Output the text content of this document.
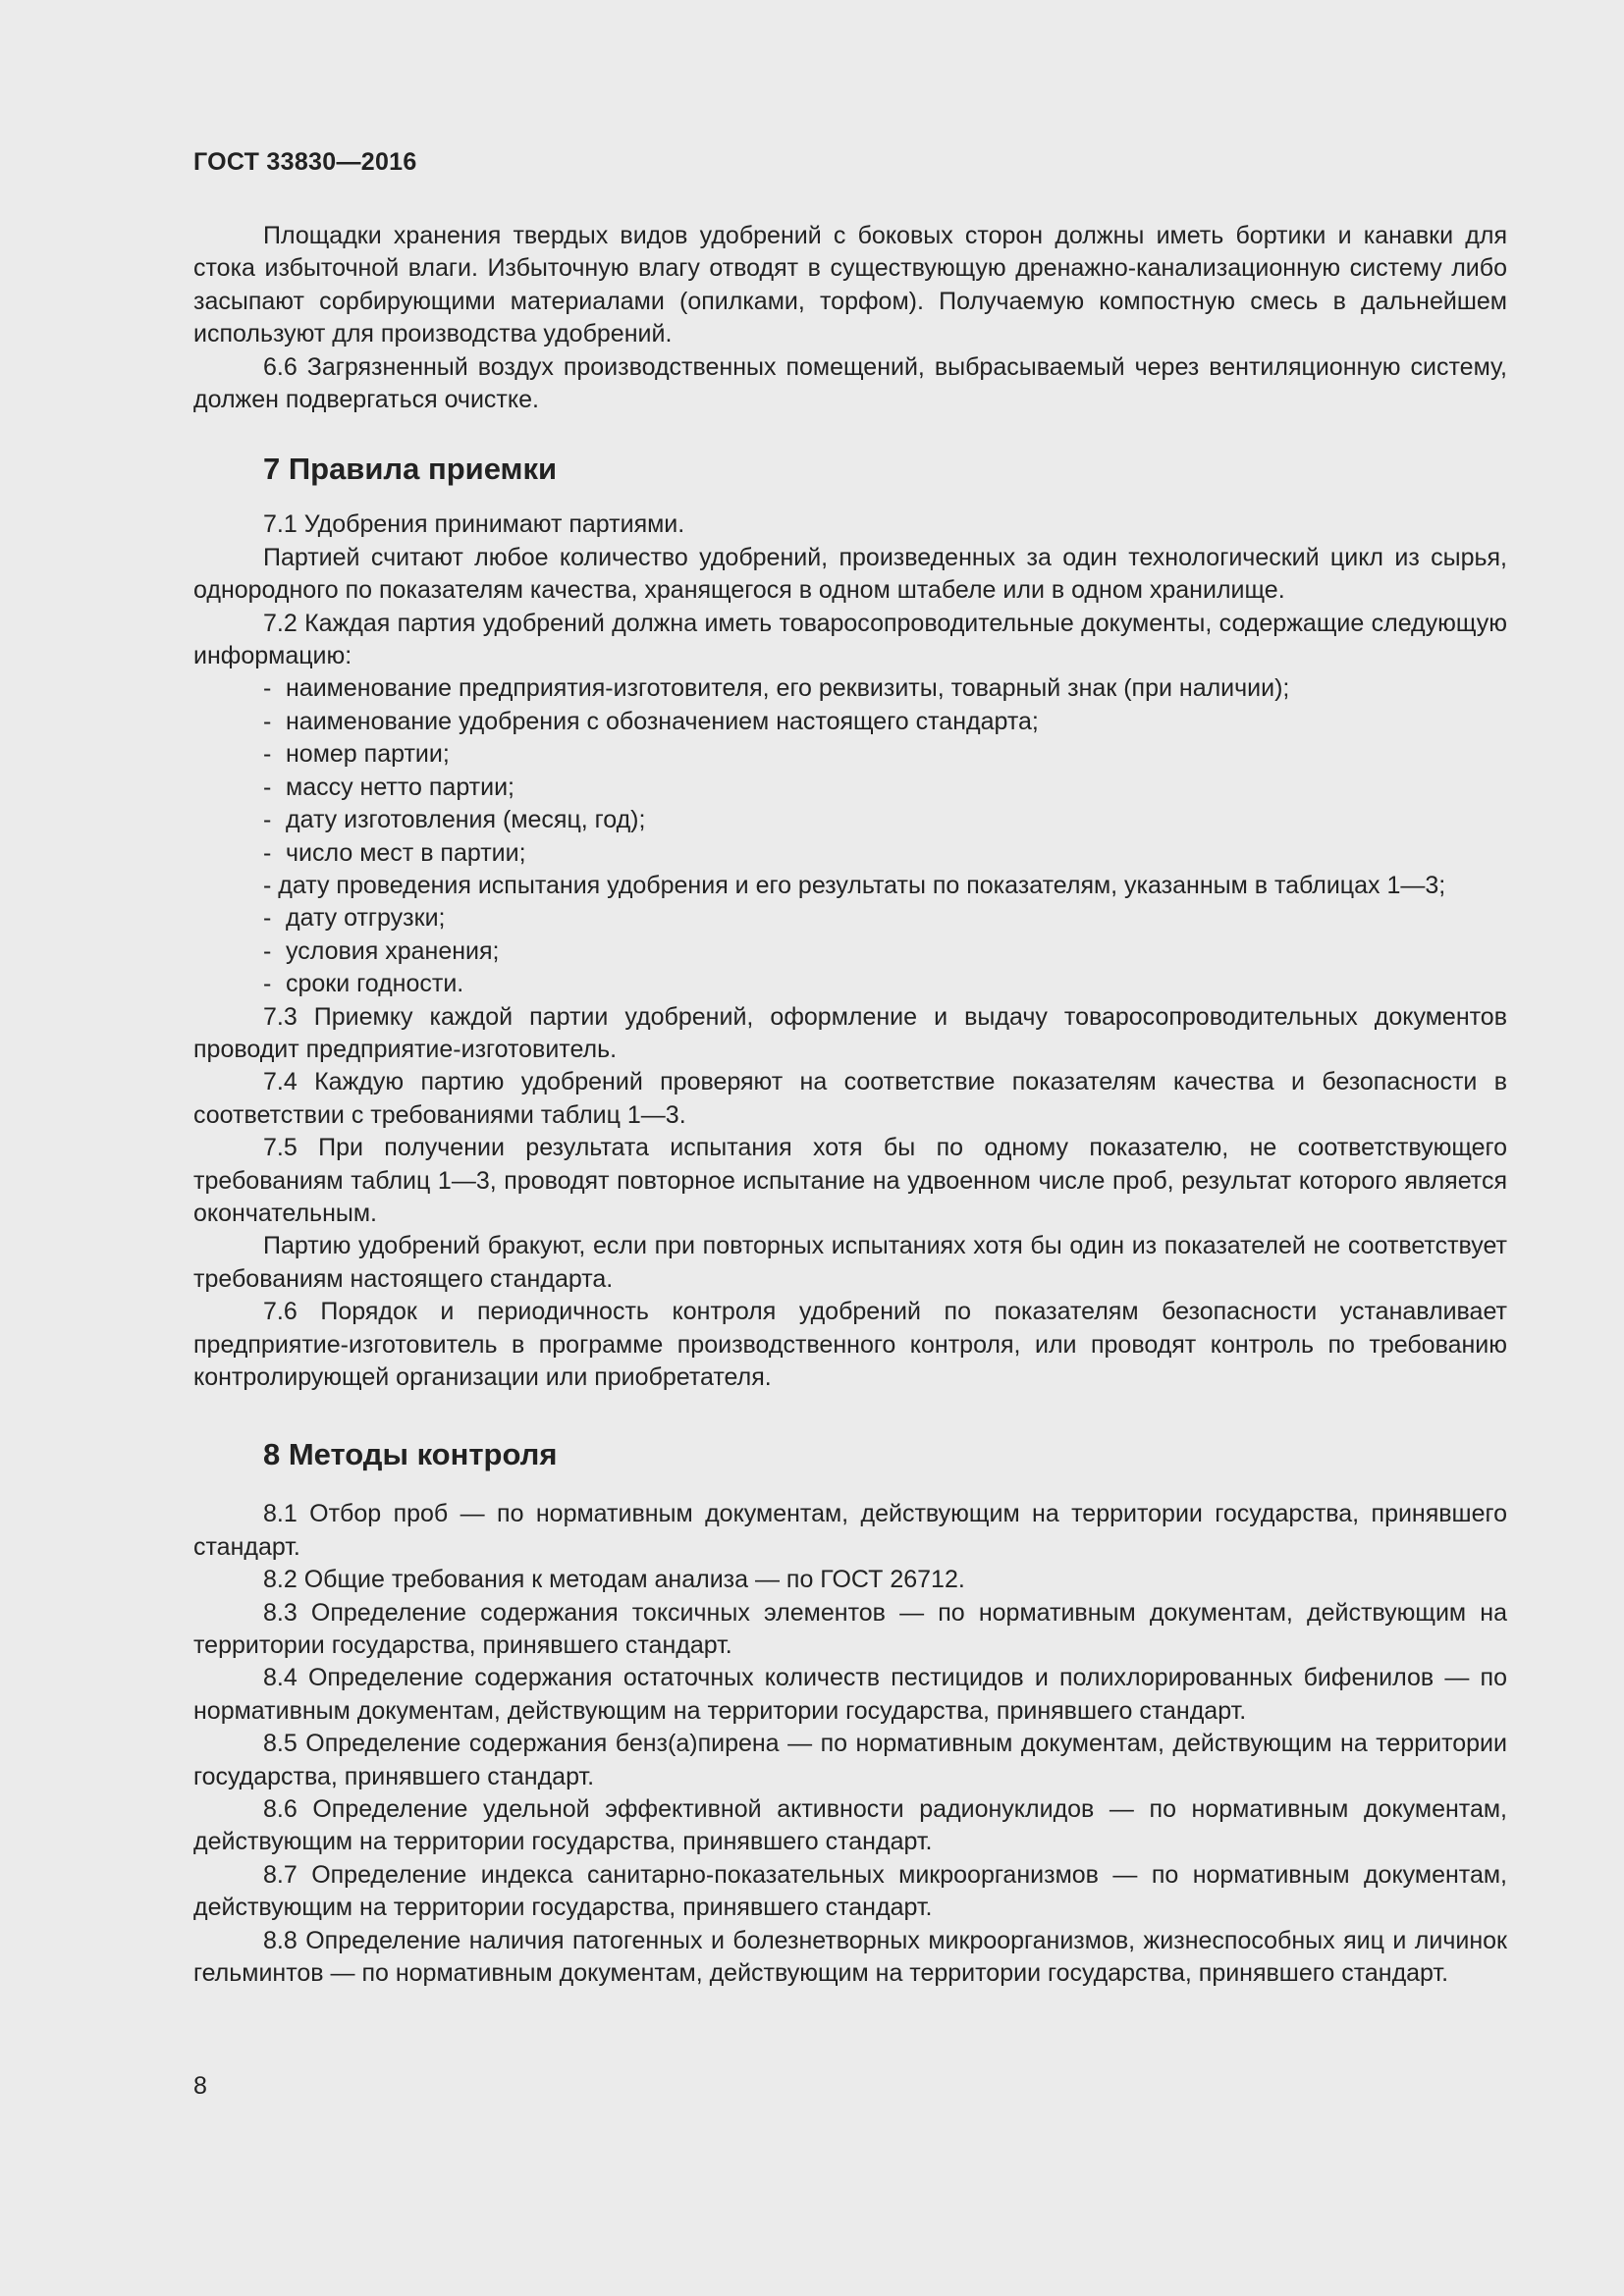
ГОСТ 33830—2016

Площадки хранения твердых видов удобрений с боковых сторон должны иметь бортики и канавки для стока избыточной влаги. Избыточную влагу отводят в существующую дренажно-канализационную систему либо засыпают сорбирующими материалами (опилками, торфом). Получаемую компостную смесь в дальнейшем используют для производства удобрений.

6.6 Загрязненный воздух производственных помещений, выбрасываемый через вентиляционную систему, должен подвергаться очистке.

7 Правила приемки

7.1 Удобрения принимают партиями.

Партией считают любое количество удобрений, произведенных за один технологический цикл из сырья, однородного по показателям качества, хранящегося в одном штабеле или в одном хранилище.

7.2 Каждая партия удобрений должна иметь товаросопроводительные документы, содержащие следующую информацию:

- наименование предприятия-изготовителя, его реквизиты, товарный знак (при наличии);

- наименование удобрения с обозначением настоящего стандарта;

- номер партии;

- массу нетто партии;

- дату изготовления (месяц, год);

- число мест в партии;

- дату проведения испытания удобрения и его результаты по показателям, указанным в таблицах 1—3;

- дату отгрузки;

- условия хранения;

- сроки годности.

7.3 Приемку каждой партии удобрений, оформление и выдачу товаросопроводительных документов проводит предприятие-изготовитель.

7.4 Каждую партию удобрений проверяют на соответствие показателям качества и безопасности в соответствии с требованиями таблиц 1—3.

7.5 При получении результата испытания хотя бы по одному показателю, не соответствующего требованиям таблиц 1—3, проводят повторное испытание на удвоенном числе проб, результат которого является окончательным.

Партию удобрений бракуют, если при повторных испытаниях хотя бы один из показателей не соответствует требованиям настоящего стандарта.

7.6 Порядок и периодичность контроля удобрений по показателям безопасности устанавливает предприятие-изготовитель в программе производственного контроля, или проводят контроль по требованию контролирующей организации или приобретателя.

8 Методы контроля

8.1 Отбор проб — по нормативным документам, действующим на территории государства, принявшего стандарт.

8.2 Общие требования к методам анализа — по ГОСТ 26712.

8.3 Определение содержания токсичных элементов — по нормативным документам, действующим на территории государства, принявшего стандарт.

8.4 Определение содержания остаточных количеств пестицидов и полихлорированных бифенилов — по нормативным документам, действующим на территории государства, принявшего стандарт.

8.5 Определение содержания бенз(а)пирена — по нормативным документам, действующим на территории государства, принявшего стандарт.

8.6 Определение удельной эффективной активности радионуклидов — по нормативным документам, действующим на территории государства, принявшего стандарт.

8.7 Определение индекса санитарно-показательных микроорганизмов — по нормативным документам, действующим на территории государства, принявшего стандарт.

8.8 Определение наличия патогенных и болезнетворных микроорганизмов, жизнеспособных яиц и личинок гельминтов — по нормативным документам, действующим на территории государства, принявшего стандарт.

8
